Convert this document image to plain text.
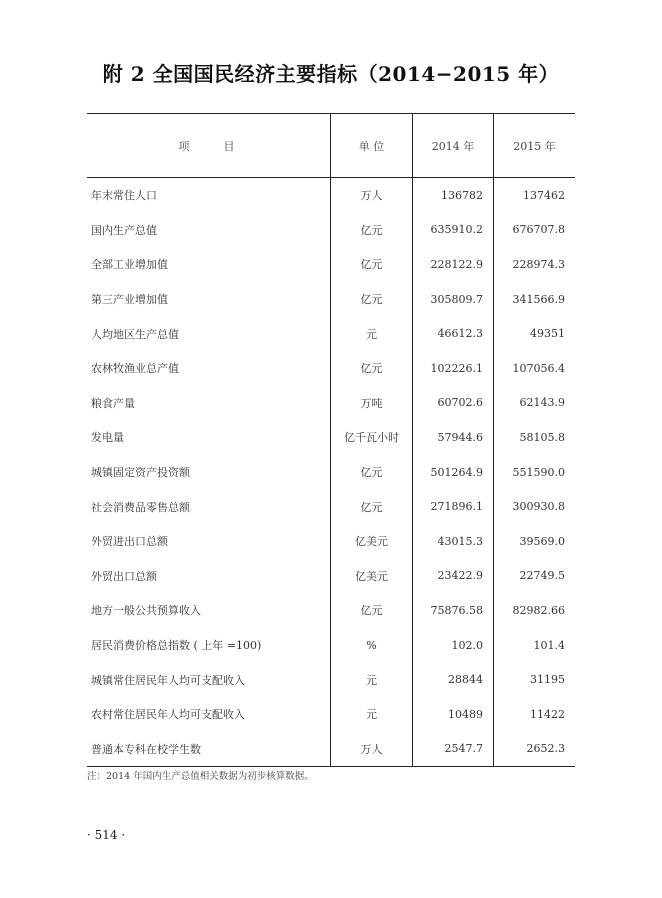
附 2 全国国民经济主要指标（2014−2015 年）
项　　目	单 位	2014 年	2015 年
年末常住人口	万人	136782	137462
国内生产总值	亿元	635910.2	676707.8
全部工业增加值	亿元	228122.9	228974.3
第三产业增加值	亿元	305809.7	341566.9
人均地区生产总值	元	46612.3	49351
农林牧渔业总产值	亿元	102226.1	107056.4
粮食产量	万吨	60702.6	62143.9
发电量	亿千瓦小时	57944.6	58105.8
城镇固定资产投资额	亿元	501264.9	551590.0
社会消费品零售总额	亿元	271896.1	300930.8
外贸进出口总额	亿美元	43015.3	39569.0
外贸出口总额	亿美元	23422.9	22749.5
地方一般公共预算收入	亿元	75876.58	82982.66
居民消费价格总指数 ( 上年 =100)	%	102.0	101.4
城镇常住居民年人均可支配收入	元	28844	31195
农村常住居民年人均可支配收入	元	10489	11422
普通本专科在校学生数	万人	2547.7	2652.3
注：2014 年国内生产总值相关数据为初步核算数据。
· 514 ·
